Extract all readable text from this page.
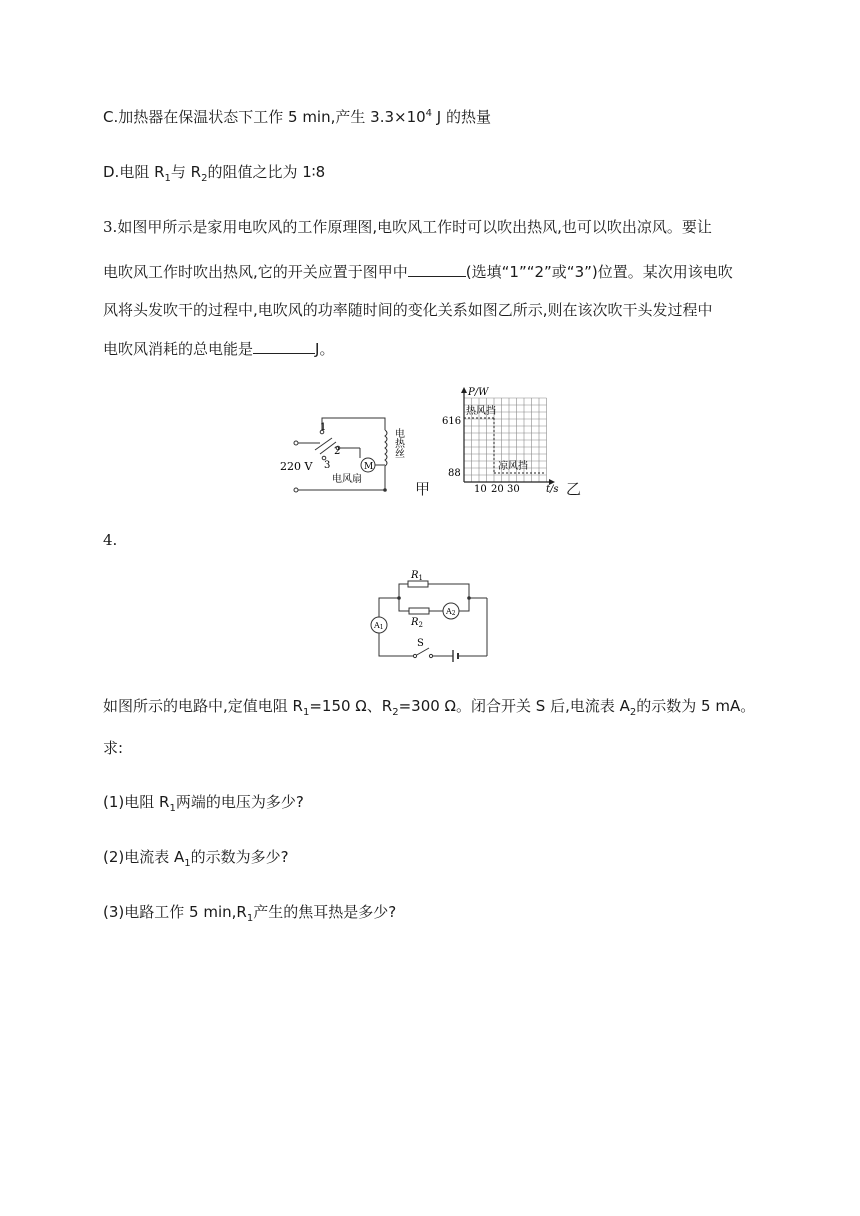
C.加热器在保温状态下工作 5 min,产生 $3.3\times 10^4$ J 的热量
D.电阻 $R_1$与 $R_2$的阻值之比为 1∶8
3.如图甲所示是家用电吹风的工作原理图,电吹风工作时可以吹出热风,也可以吹出凉风。要让
电吹风工作时吹出热风,它的开关应置于图甲中	(选填“1”“2”或“3”)位置。某次用该电吹
风将头发吹干的过程中,电吹风的功率随时间的变化关系如图乙所示,则在该次吹干头发过程中
电吹风消耗的总电能是	J。
1
2
3
220 V	M
电风扇
电热丝
甲
P/W
616
88
10 20 30	t/s
热风挡
凉风挡
乙
4.
$R_1$
$R_2$
A2
A1
S
如图所示的电路中,定值电阻 $R_1=150$ Ω、$R_2=300$ Ω。闭合开关 S 后,电流表 $A_2$的示数为 5 mA。
求:
(1)电阻 $R_1$两端的电压为多少?
(2)电流表 $A_1$的示数为多少?
(3)电路工作 5 $\min,R_1$产生的焦耳热是多少?
